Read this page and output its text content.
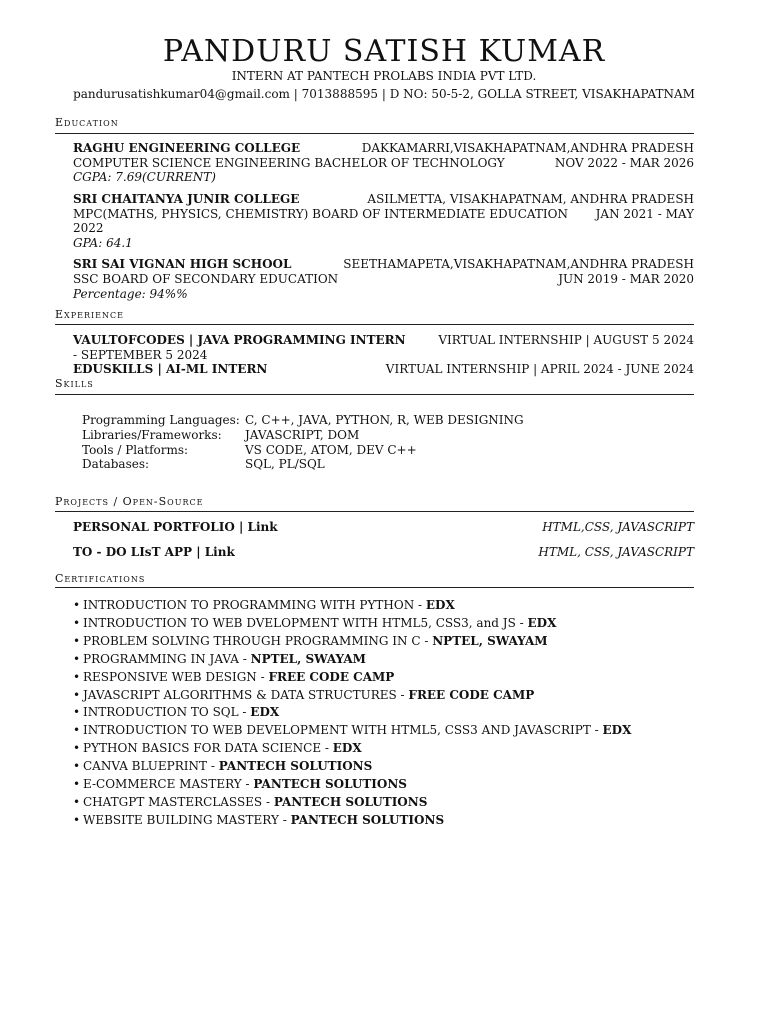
PANDURU SATISH KUMAR
INTERN AT PANTECH PROLABS INDIA PVT LTD.
pandurusatishkumar04@gmail.com | 7013888595 | D NO: 50-5-2, GOLLA STREET, VISAKHAPATNAM
Education
RAGHU ENGINEERING COLLEGE	DAKKAMARRI,VISAKHAPATNAM,ANDHRA PRADESH
COMPUTER SCIENCE ENGINEERING BACHELOR OF TECHNOLOGY	NOV 2022 - MAR 2026
CGPA: 7.69(CURRENT)
SRI CHAITANYA JUNIR COLLEGE	ASILMETTA, VISAKHAPATNAM, ANDHRA PRADESH
MPC(MATHS, PHYSICS, CHEMISTRY) BOARD OF INTERMEDIATE EDUCATION JAN 2021 - MAY
2022
GPA: 64.1
SRI SAI VIGNAN HIGH SCHOOL	SEETHAMAPETA,VISAKHAPATNAM,ANDHRA PRADESH
SSC BOARD OF SECONDARY EDUCATION	JUN 2019 - MAR 2020
Percentage: 94%%
Experience
VAULTOFCODES | JAVA PROGRAMMING INTERN	VIRTUAL INTERNSHIP | AUGUST 5 2024
- SEPTEMBER 5 2024
EDUSKILLS | AI-ML INTERN	VIRTUAL INTERNSHIP | APRIL 2024 - JUNE 2024
Skills
Programming Languages: C, C++, JAVA, PYTHON, R, WEB DESIGNING
Libraries/Frameworks: JAVASCRIPT, DOM
Tools / Platforms:	VS CODE, ATOM, DEV C++
Databases:	SQL, PL/SQL
Projects / Open-Source
PERSONAL PORTFOLIO | Link	HTML,CSS, JAVASCRIPT
TO - DO LIsT APP | Link	HTML, CSS, JAVASCRIPT
Certifications
• INTRODUCTION TO PROGRAMMING WITH PYTHON - EDX
• INTRODUCTION TO WEB DVELOPMENT WITH HTML5, CSS3, and JS - EDX
• PROBLEM SOLVING THROUGH PROGRAMMING IN C - NPTEL, SWAYAM
• PROGRAMMING IN JAVA - NPTEL, SWAYAM
• RESPONSIVE WEB DESIGN - FREE CODE CAMP
• JAVASCRIPT ALGORITHMS & DATA STRUCTURES - FREE CODE CAMP
• INTRODUCTION TO SQL - EDX
• INTRODUCTION TO WEB DEVELOPMENT WITH HTML5, CSS3 AND JAVASCRIPT - EDX
• PYTHON BASICS FOR DATA SCIENCE - EDX
• CANVA BLUEPRINT - PANTECH SOLUTIONS
• E-COMMERCE MASTERY - PANTECH SOLUTIONS
• CHATGPT MASTERCLASSES - PANTECH SOLUTIONS
• WEBSITE BUILDING MASTERY - PANTECH SOLUTIONS
